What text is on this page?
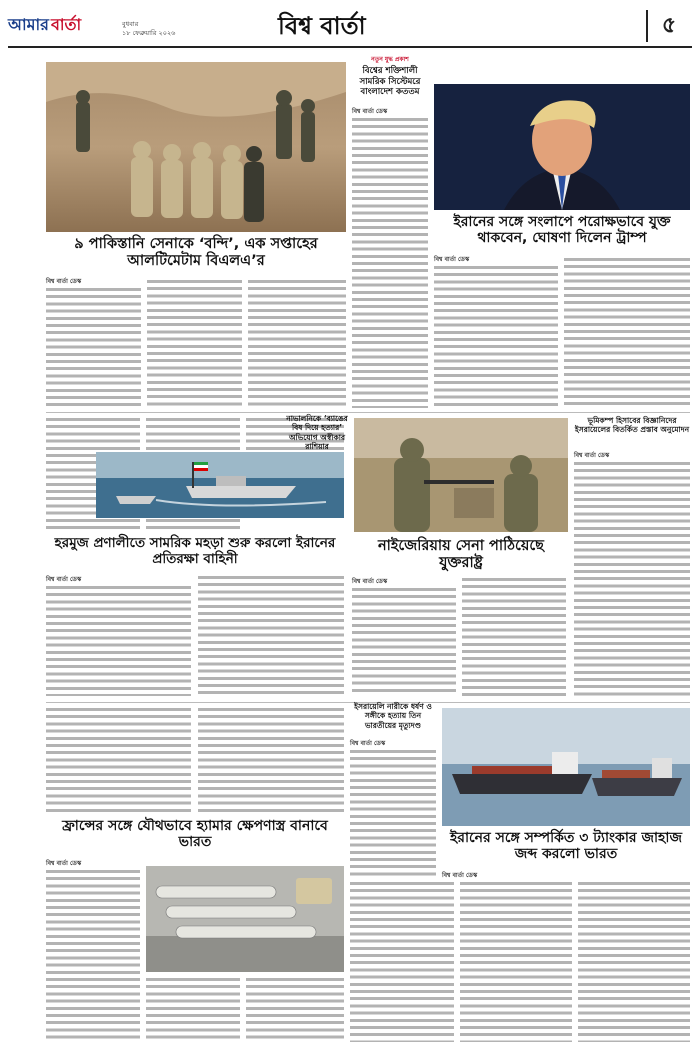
আমার বার্তা	বুধবার
১৮ ফেব্রুয়ারি ২০২৬	বিশ্ব বার্তা	৫
৯ পাকিস্তানি সেনাকে ‘বন্দি’, এক সপ্তাহের আলটিমেটাম বিএলএ’র
বিশ্ব বার্তা ডেস্ক
নতুন যুদ্ধ প্রকাশ
বিশ্বের শক্তিশালী সামরিক সিস্টেমরে বাংলাদেশ কততম
বিশ্ব বার্তা ডেস্ক
ইরানের সঙ্গে সংলাপে পরোক্ষভাবে যুক্ত থাকবেন, ঘোষণা দিলেন ট্রাম্প
বিশ্ব বার্তা ডেস্ক
হরমুজ প্রণালীতে সামরিক মহড়া শুরু করলো ইরানের প্রতিরক্ষা বাহিনী
বিশ্ব বার্তা ডেস্ক
নাভালনিকে ‘ব্যাঙের বিষ দিয়ে হত্যার’ অভিযোগ অস্বীকার রাশিয়ার
নাইজেরিয়ায় সেনা পাঠিয়েছে যুক্তরাষ্ট্র
বিশ্ব বার্তা ডেস্ক
ভূমিকম্প হিসাবের বিজ্ঞানিদের ইসরায়েলের বিতর্কিত প্রস্তাব অনুমোদন
বিশ্ব বার্তা ডেস্ক
ইসরায়েলি নারীকে ধর্ষণ ও সঙ্গীকে হত্যায় তিন ভারতীয়ের মৃত্যুদণ্ড
বিশ্ব বার্তা ডেস্ক
ফ্রান্সের সঙ্গে যৌথভাবে হ্যামার ক্ষেপণাস্ত্র বানাবে ভারত
বিশ্ব বার্তা ডেস্ক
ইরানের সঙ্গে সম্পর্কিত ৩ ট্যাংকার জাহাজ জব্দ করলো ভারত
বিশ্ব বার্তা ডেস্ক
